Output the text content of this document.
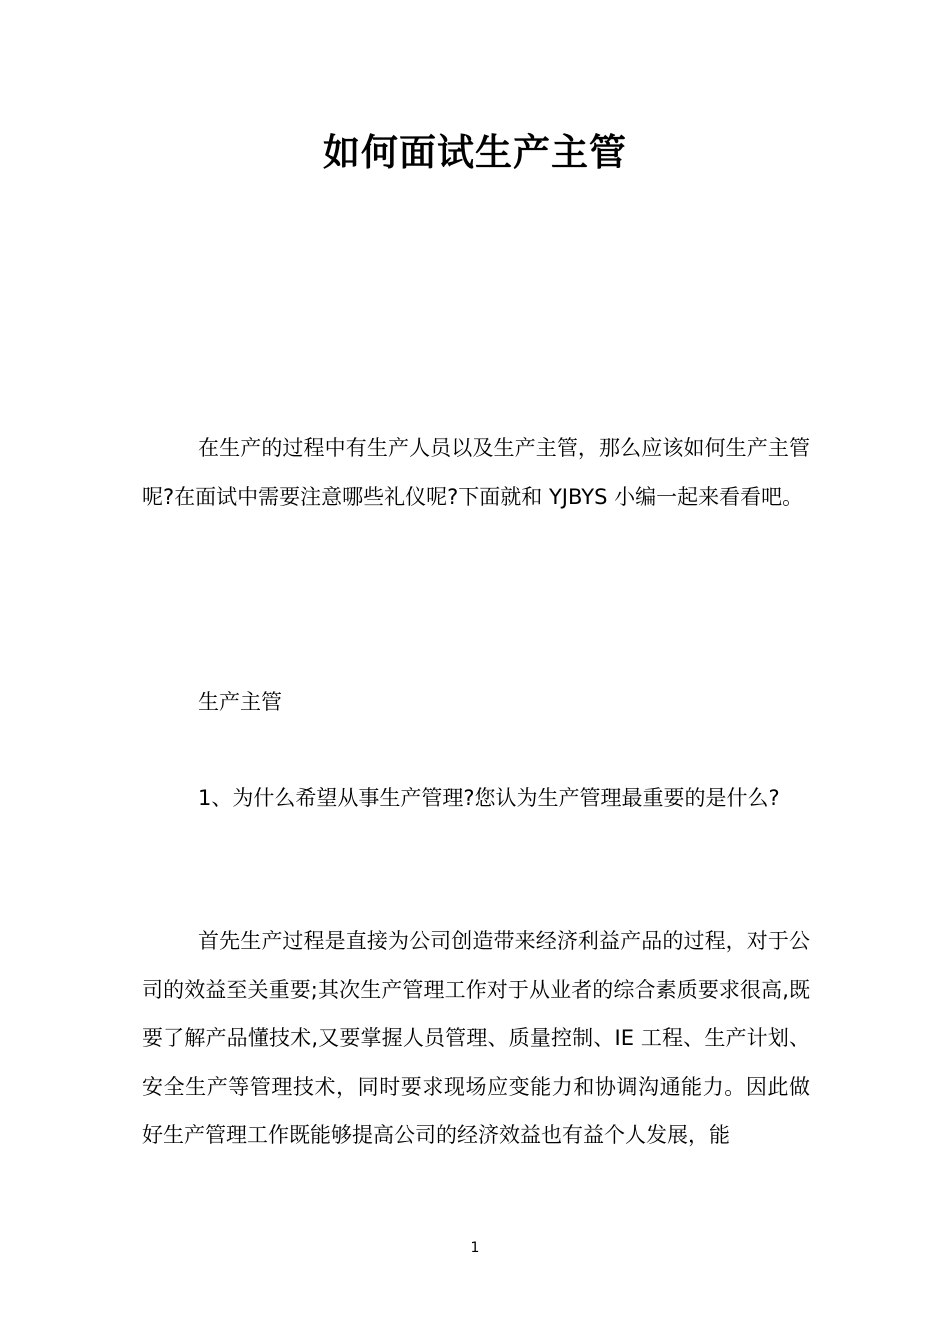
如何面试生产主管

在生产的过程中有生产人员以及生产主管，那么应该如何生产主管呢?在面试中需要注意哪些礼仪呢?下面就和 YJBYS 小编一起来看看吧。

生产主管

1、为什么希望从事生产管理?您认为生产管理最重要的是什么?

首先生产过程是直接为公司创造带来经济利益产品的过程，对于公司的效益至关重要;其次生产管理工作对于从业者的综合素质要求很高,既要了解产品懂技术,又要掌握人员管理、质量控制、IE 工程、生产计划、安全生产等管理技术，同时要求现场应变能力和协调沟通能力。因此做好生产管理工作既能够提高公司的经济效益也有益个人发展，能

1
